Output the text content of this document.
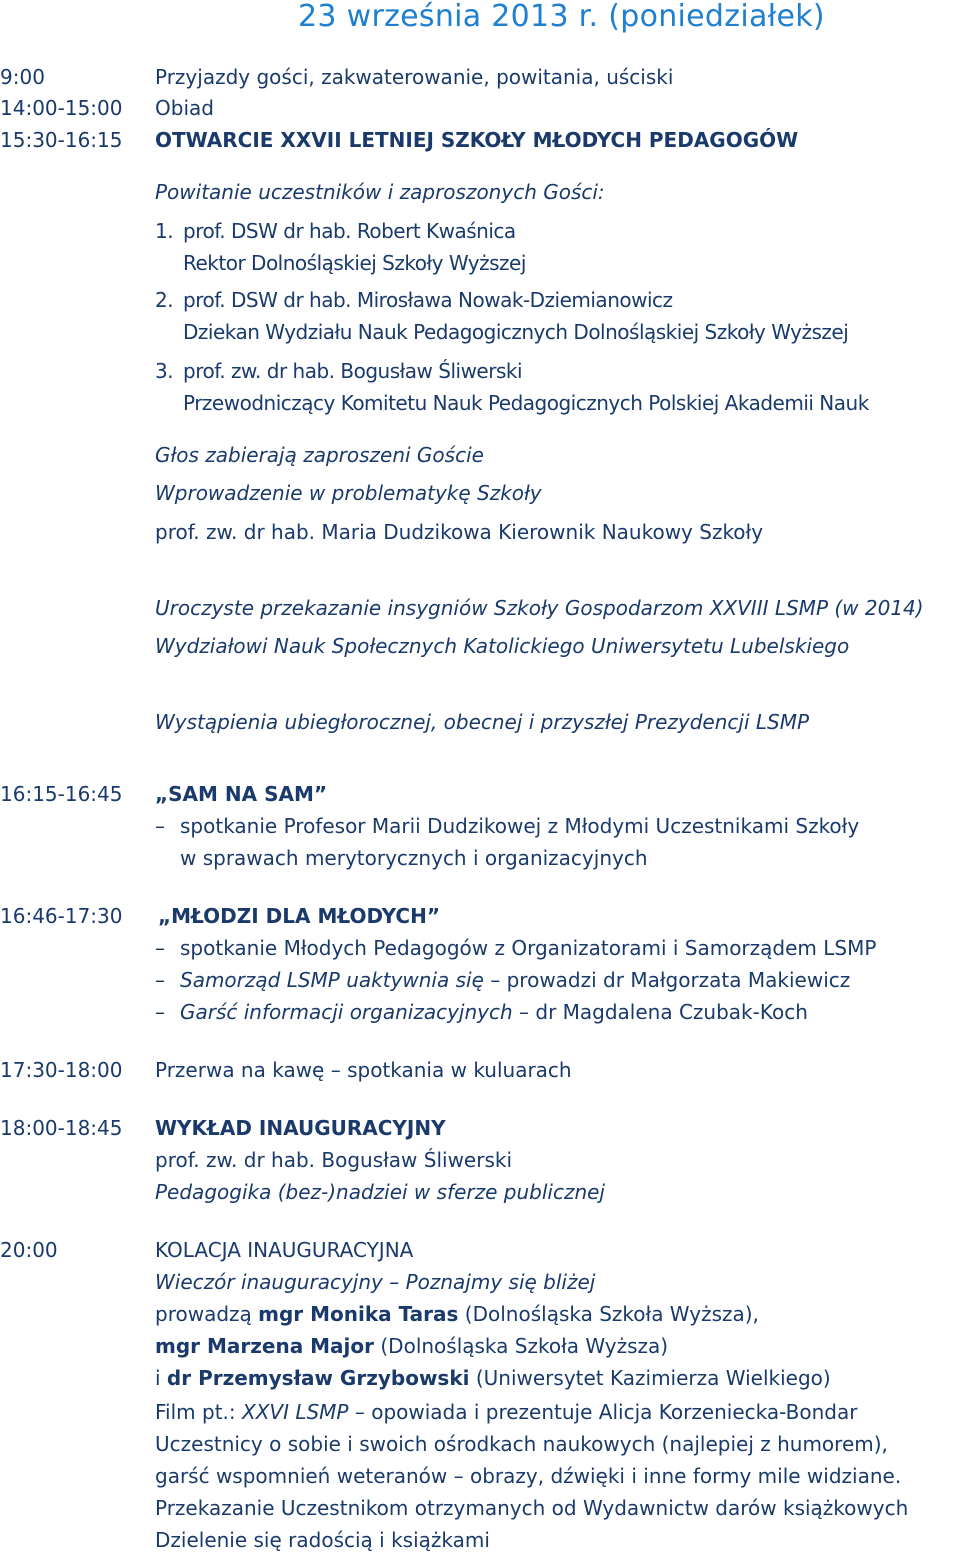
23 września 2013 r. (poniedziałek)
9:00	Przyjazdy gości, zakwaterowanie, powitania, uściski
14:00-15:00 Obiad
15:30-16:15 OTWARCIE XXVII LETNIEJ SZKOŁY MŁODYCH PEDAGOGÓW
Powitanie uczestników i zaproszonych Gości:
1. prof. DSW dr hab. Robert Kwaśnica
Rektor Dolnośląskiej Szkoły Wyższej
2. prof. DSW dr hab. Mirosława Nowak-Dziemianowicz
Dziekan Wydziału Nauk Pedagogicznych Dolnośląskiej Szkoły Wyższej
3. prof. zw. dr hab. Bogusław Śliwerski
Przewodniczący Komitetu Nauk Pedagogicznych Polskiej Akademii Nauk
Głos zabierają zaproszeni Goście
Wprowadzenie w problematykę Szkoły
prof. zw. dr hab. Maria Dudzikowa Kierownik Naukowy Szkoły
Uroczyste przekazanie insygniów Szkoły Gospodarzom XXVIII LSMP (w 2014)
Wydziałowi Nauk Społecznych Katolickiego Uniwersytetu Lubelskiego
Wystąpienia ubiegłorocznej, obecnej i przyszłej Prezydencji LSMP
16:15-16:45 „SAM NA SAM”
– spotkanie Profesor Marii Dudzikowej z Młodymi Uczestnikami Szkoły
w sprawach merytorycznych i organizacyjnych
16:46-17:30 „MŁODZI DLA MŁODYCH”
– spotkanie Młodych Pedagogów z Organizatorami i Samorządem LSMP
– Samorząd LSMP uaktywnia się – prowadzi dr Małgorzata Makiewicz
– Garść informacji organizacyjnych – dr Magdalena Czubak-Koch
17:30-18:00 Przerwa na kawę – spotkania w kuluarach
18:00-18:45 WYKŁAD INAUGURACYJNY
prof. zw. dr hab. Bogusław Śliwerski
Pedagogika (bez-)nadziei w sferze publicznej
20:00	KOLACJA INAUGURACYJNA
Wieczór inauguracyjny – Poznajmy się bliżej
prowadzą mgr Monika Taras (Dolnośląska Szkoła Wyższa),
mgr Marzena Major (Dolnośląska Szkoła Wyższa)
i dr Przemysław Grzybowski (Uniwersytet Kazimierza Wielkiego)
Film pt.: XXVI LSMP – opowiada i prezentuje Alicja Korzeniecka-Bondar
Uczestnicy o sobie i swoich ośrodkach naukowych (najlepiej z humorem),
garść wspomnień weteranów – obrazy, dźwięki i inne formy mile widziane.
Przekazanie Uczestnikom otrzymanych od Wydawnictw darów książkowych
Dzielenie się radością i książkami
